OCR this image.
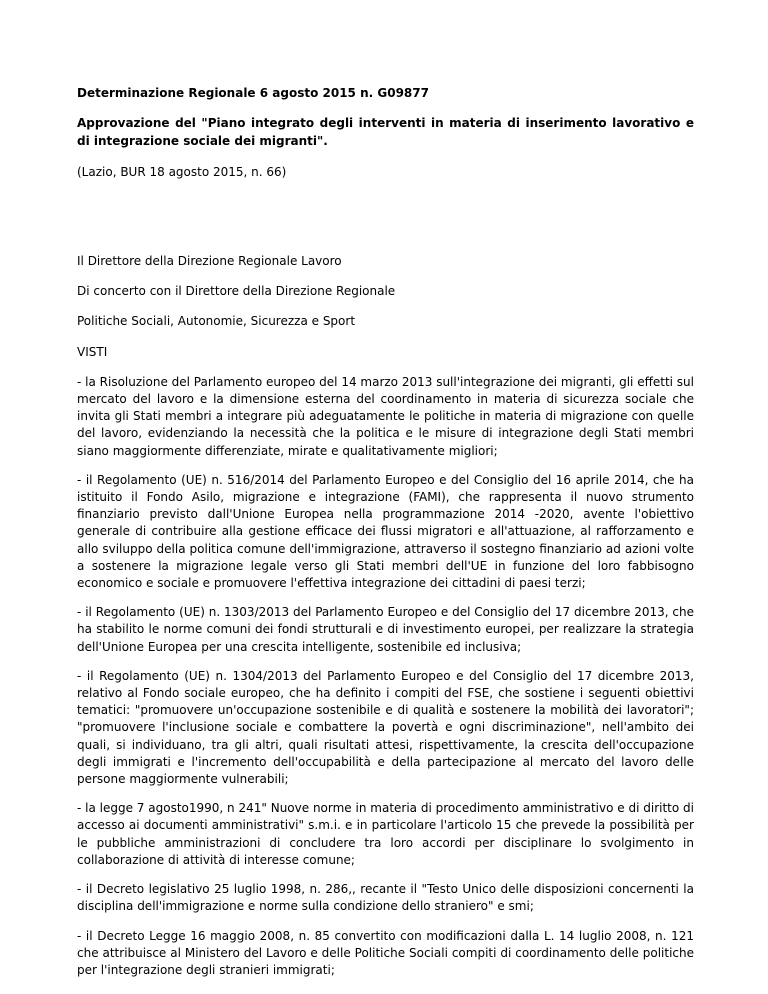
Determinazione Regionale 6 agosto 2015 n. G09877
Approvazione del "Piano integrato degli interventi in materia di inserimento lavorativo e di integrazione sociale dei migranti".
(Lazio, BUR 18 agosto 2015, n. 66)
Il Direttore della Direzione Regionale Lavoro
Di concerto con il Direttore della Direzione Regionale
Politiche Sociali, Autonomie, Sicurezza e Sport
VISTI
- la Risoluzione del Parlamento europeo del 14 marzo 2013 sull'integrazione dei migranti, gli effetti sul mercato del lavoro e la dimensione esterna del coordinamento in materia di sicurezza sociale che invita gli Stati membri a integrare più adeguatamente le politiche in materia di migrazione con quelle del lavoro, evidenziando la necessità che la politica e le misure di integrazione degli Stati membri siano maggiormente differenziate, mirate e qualitativamente migliori;
- il Regolamento (UE) n. 516/2014 del Parlamento Europeo e del Consiglio del 16 aprile 2014, che ha istituito il Fondo Asilo, migrazione e integrazione (FAMI), che rappresenta il nuovo strumento finanziario previsto dall'Unione Europea nella programmazione 2014 -2020, avente l'obiettivo generale di contribuire alla gestione efficace dei flussi migratori e all'attuazione, al rafforzamento e allo sviluppo della politica comune dell'immigrazione, attraverso il sostegno finanziario ad azioni volte a sostenere la migrazione legale verso gli Stati membri dell'UE in funzione del loro fabbisogno economico e sociale e promuovere l'effettiva integrazione dei cittadini di paesi terzi;
- il Regolamento (UE) n. 1303/2013 del Parlamento Europeo e del Consiglio del 17 dicembre 2013, che ha stabilito le norme comuni dei fondi strutturali e di investimento europei, per realizzare la strategia dell'Unione Europea per una crescita intelligente, sostenibile ed inclusiva;
- il Regolamento (UE) n. 1304/2013 del Parlamento Europeo e del Consiglio del 17 dicembre 2013, relativo al Fondo sociale europeo, che ha definito i compiti del FSE, che sostiene i seguenti obiettivi tematici: "promuovere un'occupazione sostenibile e di qualità e sostenere la mobilità dei lavoratori"; "promuovere l'inclusione sociale e combattere la povertà e ogni discriminazione", nell'ambito dei quali, si individuano, tra gli altri, quali risultati attesi, rispettivamente, la crescita dell'occupazione degli immigrati e l'incremento dell'occupabilità e della partecipazione al mercato del lavoro delle persone maggiormente vulnerabili;
- la legge 7 agosto1990, n 241" Nuove norme in materia di procedimento amministrativo e di diritto di accesso ai documenti amministrativi" s.m.i. e in particolare l'articolo 15 che prevede la possibilità per le pubbliche amministrazioni di concludere tra loro accordi per disciplinare lo svolgimento in collaborazione di attività di interesse comune;
- il Decreto legislativo 25 luglio 1998, n. 286,, recante il "Testo Unico delle disposizioni concernenti la disciplina dell'immigrazione e norme sulla condizione dello straniero" e smi;
- il Decreto Legge 16 maggio 2008, n. 85 convertito con modificazioni dalla L. 14 luglio 2008, n. 121 che attribuisce al Ministero del Lavoro e delle Politiche Sociali compiti di coordinamento delle politiche per l'integrazione degli stranieri immigrati;
